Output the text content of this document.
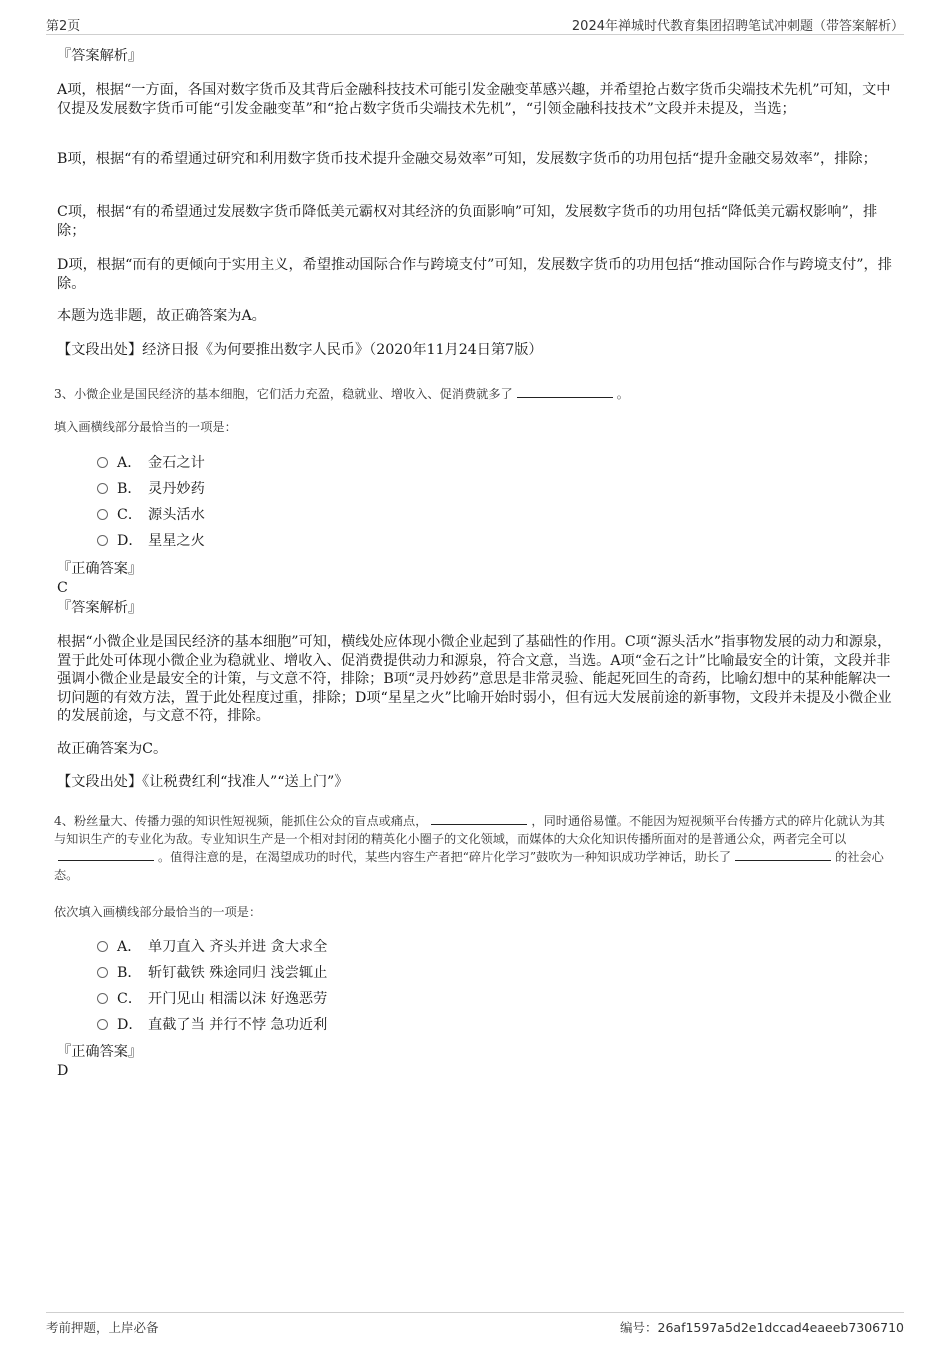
第2页	2024年禅城时代教育集团招聘笔试冲刺题（带答案解析）
『答案解析』
A项，根据“一方面，各国对数字货币及其背后金融科技技术可能引发金融变革感兴趣，并希望抢占数字货币尖端技术先机”可知，文中仅提及发展数字货币可能“引发金融变革”和“抢占数字货币尖端技术先机”，“引领金融科技技术”文段并未提及，当选；
B项，根据“有的希望通过研究和利用数字货币技术提升金融交易效率”可知，发展数字货币的功用包括“提升金融交易效率”，排除；
C项，根据“有的希望通过发展数字货币降低美元霸权对其经济的负面影响”可知，发展数字货币的功用包括“降低美元霸权影响”，排除；
D项，根据“而有的更倾向于实用主义，希望推动国际合作与跨境支付”可知，发展数字货币的功用包括“推动国际合作与跨境支付”，排除。
本题为选非题，故正确答案为A。
【文段出处】经济日报《为何要推出数字人民币》（2020年11月24日第7版）
3、小微企业是国民经济的基本细胞，它们活力充盈，稳就业、增收入、促消费就多了	。
填入画横线部分最恰当的一项是：
A． 金石之计
B． 灵丹妙药
C． 源头活水
D． 星星之火
『正确答案』
C
『答案解析』
根据“小微企业是国民经济的基本细胞”可知，横线处应体现小微企业起到了基础性的作用。C项“源头活水”指事物发展的动力和源泉，置于此处可体现小微企业为稳就业、增收入、促消费提供动力和源泉，符合文意，当选。A项“金石之计”比喻最安全的计策，文段并非强调小微企业是最安全的计策，与文意不符，排除；B项“灵丹妙药”意思是非常灵验、能起死回生的奇药，比喻幻想中的某种能解决一切问题的有效方法，置于此处程度过重，排除；D项“星星之火”比喻开始时弱小，但有远大发展前途的新事物，文段并未提及小微企业的发展前途，与文意不符，排除。
故正确答案为C。
【文段出处】《让税费红利“找准人”“送上门”》
4、粉丝量大、传播力强的知识性短视频，能抓住公众的盲点或痛点，	，同时通俗易懂。不能因为短视频平台传播方式的碎片化就认为其与知识生产的专业化为敌。专业知识生产是一个相对封闭的精英化小圈子的文化领域，而媒体的大众化知识传播所面对的是普通公众，两者完全可以。值得注意的是，在渴望成功的时代，某些内容生产者把“碎片化学习”鼓吹为一种知识成功学神话，助长了	的社会心态。
依次填入画横线部分最恰当的一项是：
A． 单刀直入 齐头并进 贪大求全
B． 斩钉截铁 殊途同归 浅尝辄止
C． 开门见山 相濡以沫 好逸恶劳
D． 直截了当 并行不悖 急功近利
『正确答案』
D
考前押题，上岸必备	编号：26af1597a5d2e1dccad4eaeeb7306710
